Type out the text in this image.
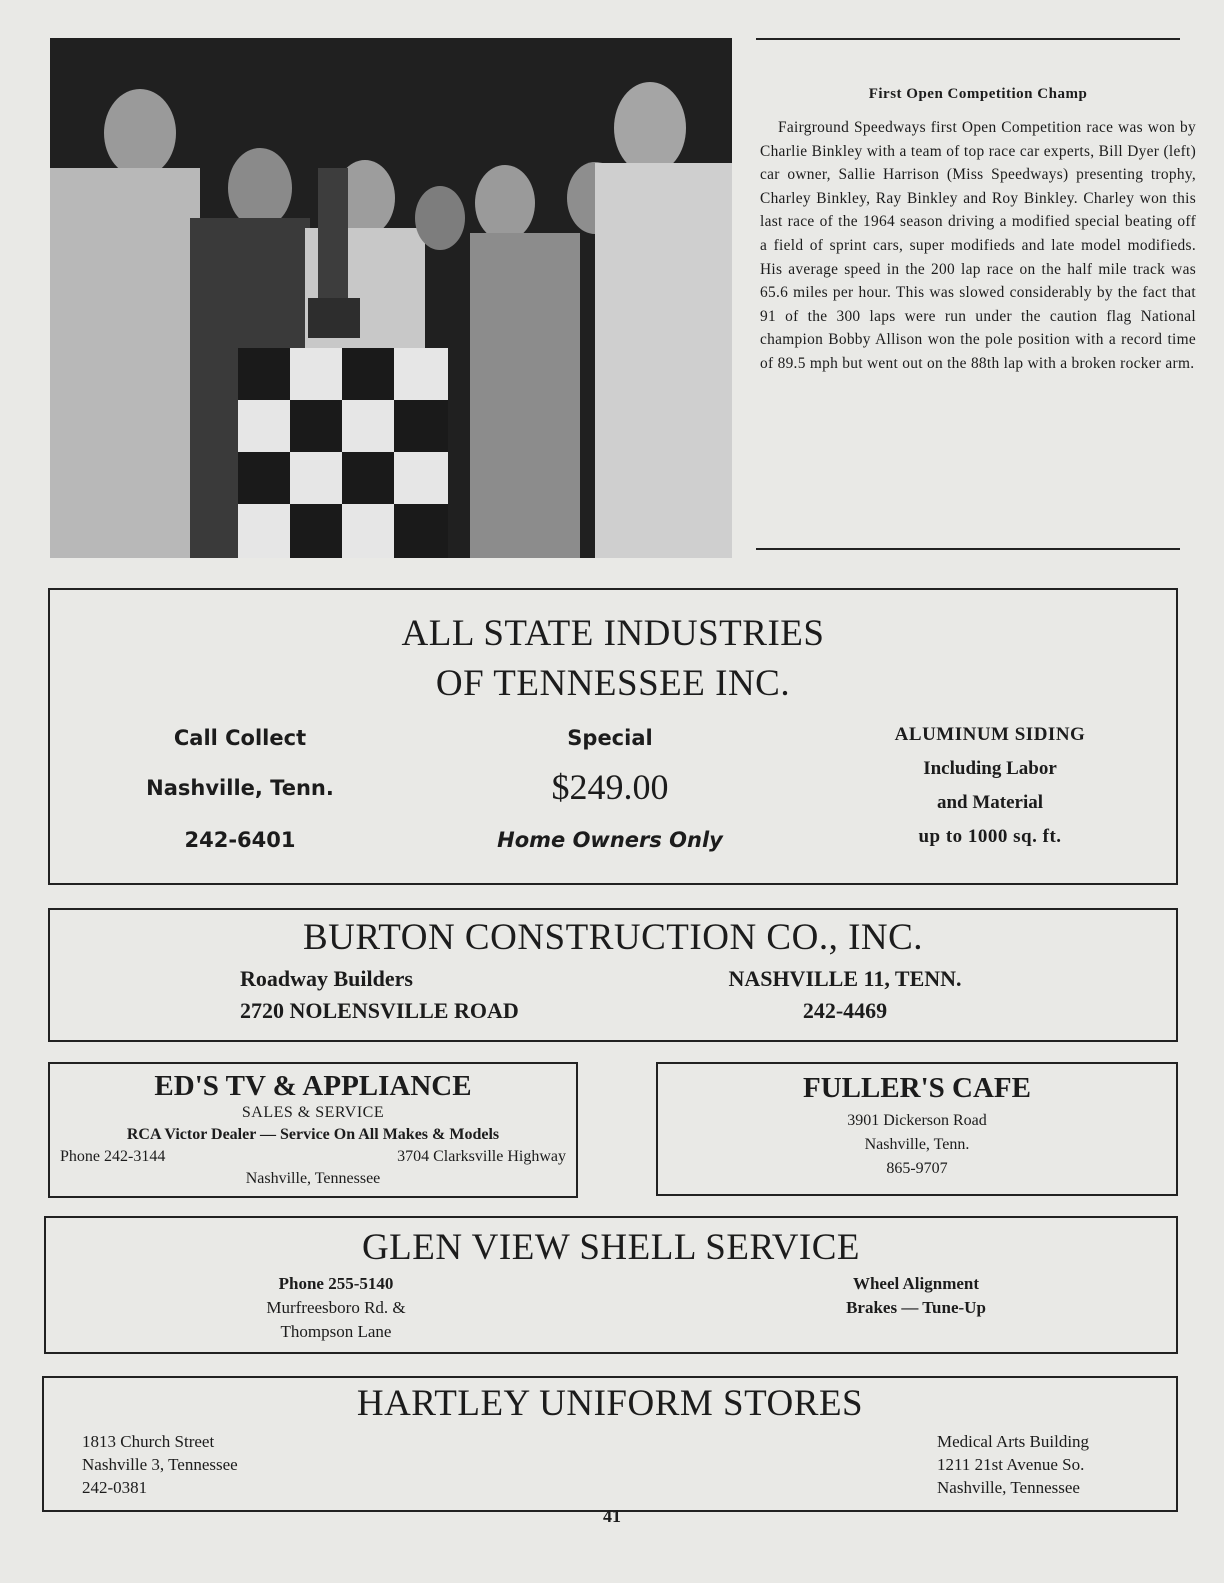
First Open Competition Champ
Fairground Speedways first Open Competition race was won by Charlie Binkley with a team of top race car experts, Bill Dyer (left) car owner, Sallie Harrison (Miss Speedways) presenting trophy, Charley Binkley, Ray Binkley and Roy Binkley. Charley won this last race of the 1964 season driving a modified special beating off a field of sprint cars, super modifieds and late model modifieds. His average speed in the 200 lap race on the half mile track was 65.6 miles per hour. This was slowed considerably by the fact that 91 of the 300 laps were run under the caution flag National champion Bobby Allison won the pole position with a record time of 89.5 mph but went out on the 88th lap with a broken rocker arm.
ALL STATE INDUSTRIES
OF TENNESSEE INC.
Call Collect
Nashville, Tenn.
242-6401
Special
$249.00
Home Owners Only
ALUMINUM SIDING
Including Labor
and Material
up to 1000 sq. ft.
BURTON CONSTRUCTION CO., INC.
Roadway Builders
2720 NOLENSVILLE ROAD
NASHVILLE 11, TENN.
242-4469
ED'S TV & APPLIANCE
SALES & SERVICE
RCA Victor Dealer — Service On All Makes & Models
Phone 242-3144	3704 Clarksville Highway
Nashville, Tennessee
FULLER'S CAFE
3901 Dickerson Road
Nashville, Tenn.
865-9707
GLEN VIEW SHELL SERVICE
Phone 255-5140
Murfreesboro Rd. &
Thompson Lane
Wheel Alignment
Brakes — Tune-Up
HARTLEY UNIFORM STORES
1813 Church Street
Nashville 3, Tennessee
242-0381
Medical Arts Building
1211 21st Avenue So.
Nashville, Tennessee
41
